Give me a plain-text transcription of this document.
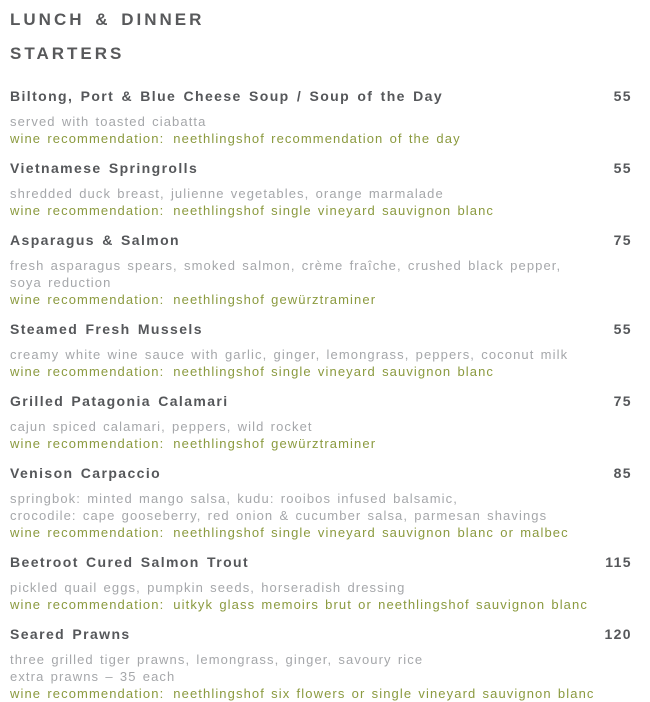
LUNCH & DINNER
STARTERS
Biltong, Port & Blue Cheese Soup / Soup of the Day	55
served with toasted ciabatta
wine recommendation: neethlingshof recommendation of the day
Vietnamese Springrolls	55
shredded duck breast, julienne vegetables, orange marmalade
wine recommendation: neethlingshof single vineyard sauvignon blanc
Asparagus & Salmon	75
fresh asparagus spears, smoked salmon, crème fraîche, crushed black pepper,
soya reduction
wine recommendation: neethlingshof gewürztraminer
Steamed Fresh Mussels	55
creamy white wine sauce with garlic, ginger, lemongrass, peppers, coconut milk
wine recommendation: neethlingshof single vineyard sauvignon blanc
Grilled Patagonia Calamari	75
cajun spiced calamari, peppers, wild rocket
wine recommendation: neethlingshof gewürztraminer
Venison Carpaccio	85
springbok: minted mango salsa, kudu: rooibos infused balsamic,
crocodile: cape gooseberry, red onion & cucumber salsa, parmesan shavings
wine recommendation: neethlingshof single vineyard sauvignon blanc or malbec
Beetroot Cured Salmon Trout	115
pickled quail eggs, pumpkin seeds, horseradish dressing
wine recommendation: uitkyk glass memoirs brut or neethlingshof sauvignon blanc
Seared Prawns	120
three grilled tiger prawns, lemongrass, ginger, savoury rice
extra prawns – 35 each
wine recommendation: neethlingshof six flowers or single vineyard sauvignon blanc
